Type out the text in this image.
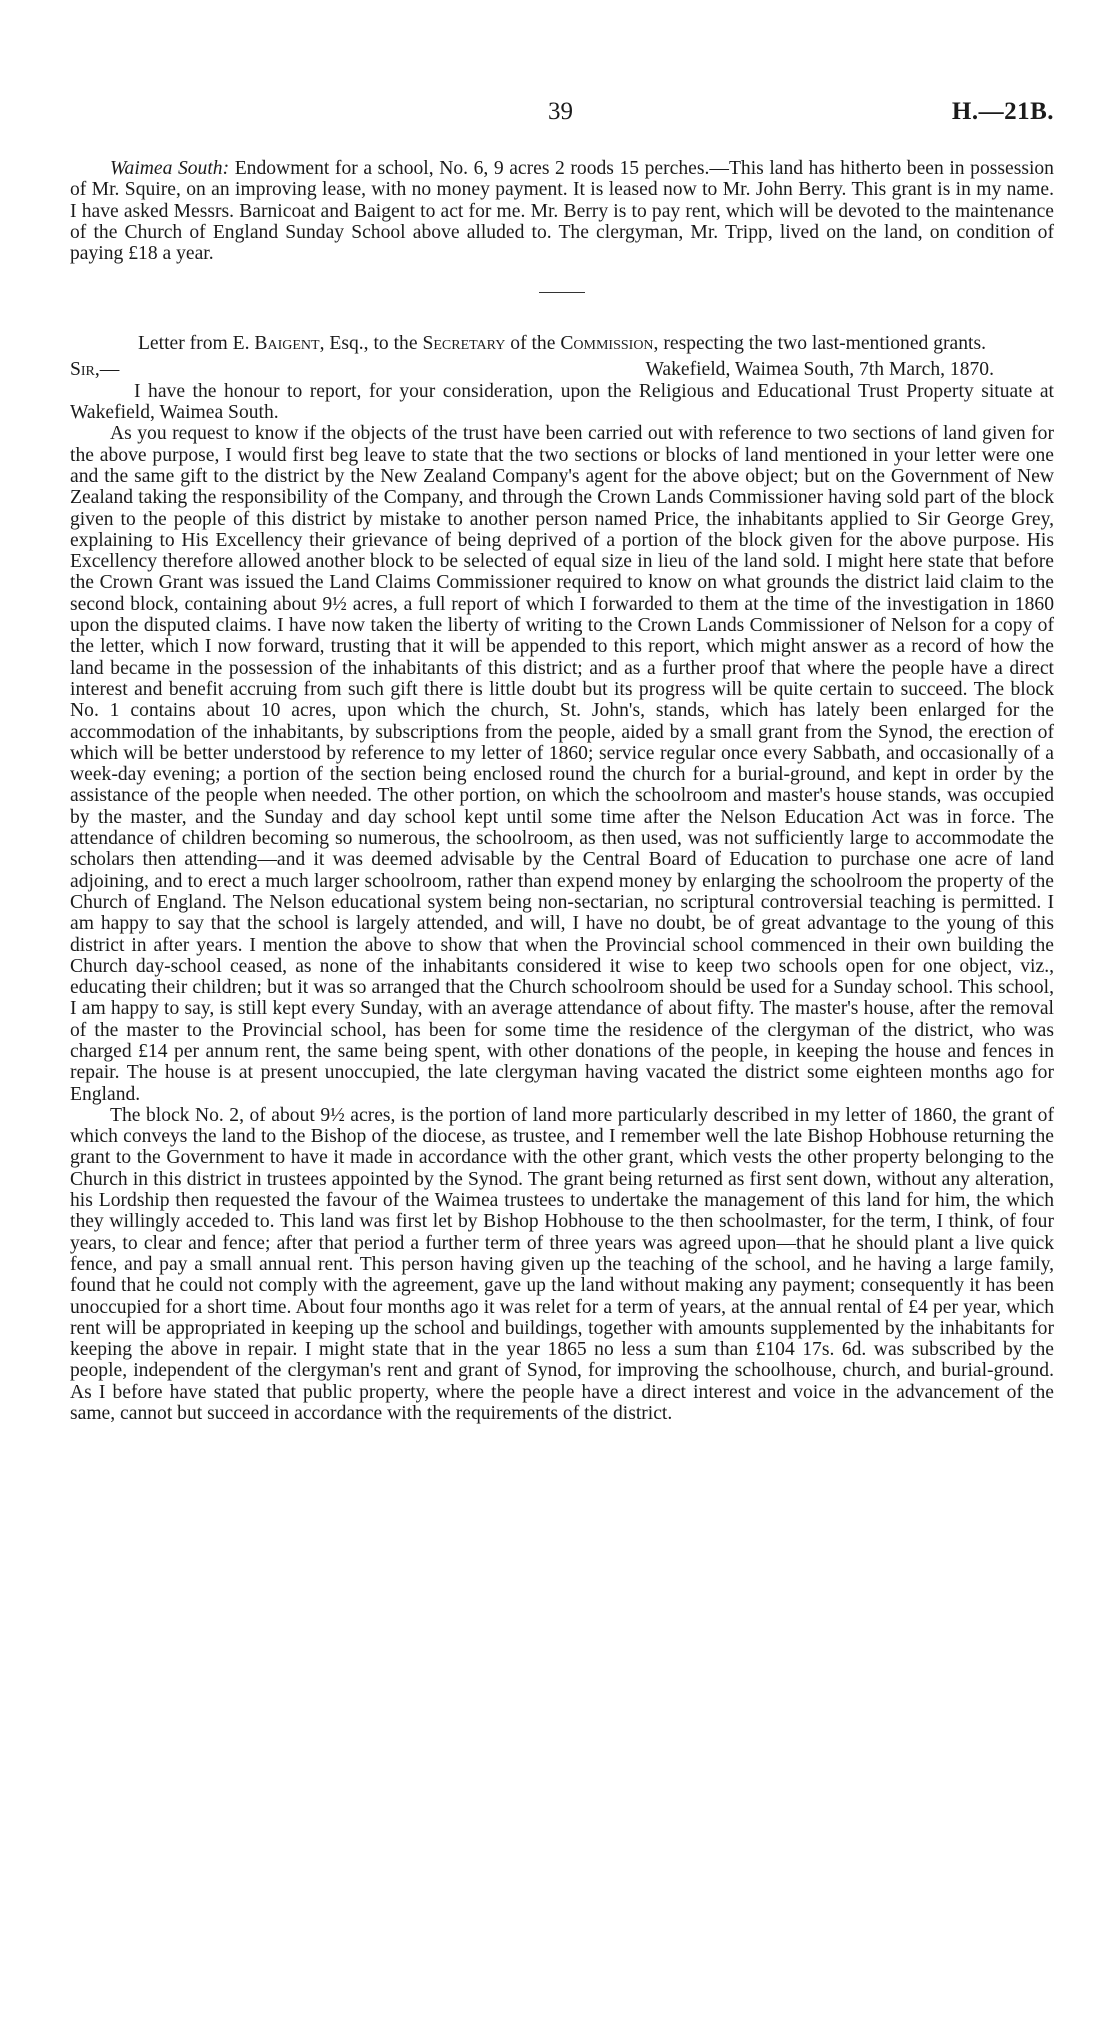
39	H.—21B.

Waimea South: Endowment for a school, No. 6, 9 acres 2 roods 15 perches.—This land has hitherto been in possession of Mr. Squire, on an improving lease, with no money payment. It is leased now to Mr. John Berry. This grant is in my name. I have asked Messrs. Barnicoat and Baigent to act for me. Mr. Berry is to pay rent, which will be devoted to the maintenance of the Church of England Sunday School above alluded to. The clergyman, Mr. Tripp, lived on the land, on condition of paying £18 a year.

Letter from E. Baigent, Esq., to the Secretary of the Commission, respecting the two last-mentioned grants.

Sir,—	Wakefield, Waimea South, 7th March, 1870.

I have the honour to report, for your consideration, upon the Religious and Educational Trust Property situate at Wakefield, Waimea South.

As you request to know if the objects of the trust have been carried out with reference to two sections of land given for the above purpose, I would first beg leave to state that the two sections or blocks of land mentioned in your letter were one and the same gift to the district by the New Zealand Company's agent for the above object; but on the Government of New Zealand taking the responsibility of the Company, and through the Crown Lands Commissioner having sold part of the block given to the people of this district by mistake to another person named Price, the inhabitants applied to Sir George Grey, explaining to His Excellency their grievance of being deprived of a portion of the block given for the above purpose. His Excellency therefore allowed another block to be selected of equal size in lieu of the land sold. I might here state that before the Crown Grant was issued the Land Claims Commissioner required to know on what grounds the district laid claim to the second block, containing about 9½ acres, a full report of which I forwarded to them at the time of the investigation in 1860 upon the disputed claims. I have now taken the liberty of writing to the Crown Lands Commissioner of Nelson for a copy of the letter, which I now forward, trusting that it will be appended to this report, which might answer as a record of how the land became in the possession of the inhabitants of this district; and as a further proof that where the people have a direct interest and benefit accruing from such gift there is little doubt but its progress will be quite certain to succeed. The block No. 1 contains about 10 acres, upon which the church, St. John's, stands, which has lately been enlarged for the accommodation of the inhabitants, by subscriptions from the people, aided by a small grant from the Synod, the erection of which will be better understood by reference to my letter of 1860; service regular once every Sabbath, and occasionally of a week-day evening; a portion of the section being enclosed round the church for a burial-ground, and kept in order by the assistance of the people when needed. The other portion, on which the schoolroom and master's house stands, was occupied by the master, and the Sunday and day school kept until some time after the Nelson Education Act was in force. The attendance of children becoming so numerous, the schoolroom, as then used, was not sufficiently large to accommodate the scholars then attending—and it was deemed advisable by the Central Board of Education to purchase one acre of land adjoining, and to erect a much larger schoolroom, rather than expend money by enlarging the schoolroom the property of the Church of England. The Nelson educational system being non-sectarian, no scriptural controversial teaching is permitted. I am happy to say that the school is largely attended, and will, I have no doubt, be of great advantage to the young of this district in after years. I mention the above to show that when the Provincial school commenced in their own building the Church day-school ceased, as none of the inhabitants considered it wise to keep two schools open for one object, viz., educating their children; but it was so arranged that the Church schoolroom should be used for a Sunday school. This school, I am happy to say, is still kept every Sunday, with an average attendance of about fifty. The master's house, after the removal of the master to the Provincial school, has been for some time the residence of the clergyman of the district, who was charged £14 per annum rent, the same being spent, with other donations of the people, in keeping the house and fences in repair. The house is at present unoccupied, the late clergyman having vacated the district some eighteen months ago for England.

The block No. 2, of about 9½ acres, is the portion of land more particularly described in my letter of 1860, the grant of which conveys the land to the Bishop of the diocese, as trustee, and I remember well the late Bishop Hobhouse returning the grant to the Government to have it made in accordance with the other grant, which vests the other property belonging to the Church in this district in trustees appointed by the Synod. The grant being returned as first sent down, without any alteration, his Lordship then requested the favour of the Waimea trustees to undertake the management of this land for him, the which they willingly acceded to. This land was first let by Bishop Hobhouse to the then schoolmaster, for the term, I think, of four years, to clear and fence; after that period a further term of three years was agreed upon—that he should plant a live quick fence, and pay a small annual rent. This person having given up the teaching of the school, and he having a large family, found that he could not comply with the agreement, gave up the land without making any payment; consequently it has been unoccupied for a short time. About four months ago it was relet for a term of years, at the annual rental of £4 per year, which rent will be appropriated in keeping up the school and buildings, together with amounts supplemented by the inhabitants for keeping the above in repair. I might state that in the year 1865 no less a sum than £104 17s. 6d. was subscribed by the people, independent of the clergyman's rent and grant of Synod, for improving the schoolhouse, church, and burial-ground. As I before have stated that public property, where the people have a direct interest and voice in the advancement of the same, cannot but succeed in accordance with the requirements of the district.
